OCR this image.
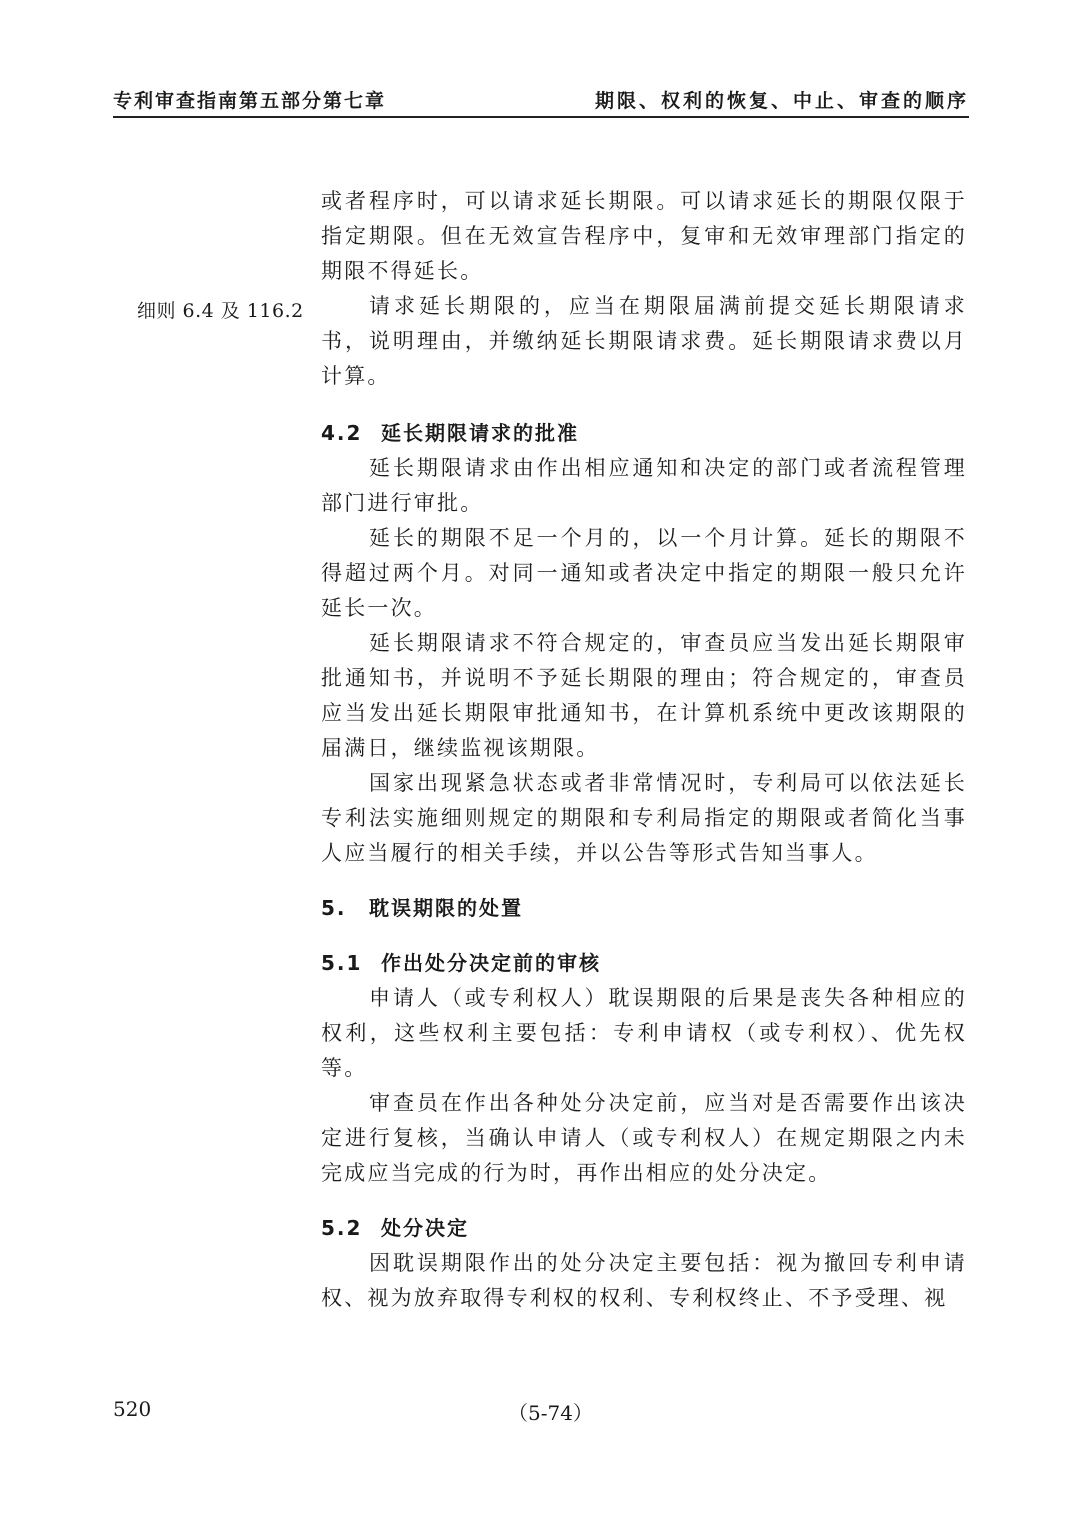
专利审查指南第五部分第七章	期限、权利的恢复、中止、审查的顺序
细则 6.4 及 116.2

或者程序时，可以请求延长期限。可以请求延长的期限仅限于指定期限。但在无效宣告程序中，复审和无效审理部门指定的期限不得延长。

请求延长期限的，应当在期限届满前提交延长期限请求书，说明理由，并缴纳延长期限请求费。延长期限请求费以月计算。

4.2 延长期限请求的批准

延长期限请求由作出相应通知和决定的部门或者流程管理部门进行审批。

延长的期限不足一个月的，以一个月计算。延长的期限不得超过两个月。对同一通知或者决定中指定的期限一般只允许延长一次。

延长期限请求不符合规定的，审查员应当发出延长期限审批通知书，并说明不予延长期限的理由；符合规定的，审查员应当发出延长期限审批通知书，在计算机系统中更改该期限的届满日，继续监视该期限。

国家出现紧急状态或者非常情况时，专利局可以依法延长专利法实施细则规定的期限和专利局指定的期限或者简化当事人应当履行的相关手续，并以公告等形式告知当事人。

5. 耽误期限的处置

5.1 作出处分决定前的审核

申请人（或专利权人）耽误期限的后果是丧失各种相应的权利，这些权利主要包括：专利申请权（或专利权）、优先权等。

审查员在作出各种处分决定前，应当对是否需要作出该决定进行复核，当确认申请人（或专利权人）在规定期限之内未完成应当完成的行为时，再作出相应的处分决定。

5.2 处分决定

因耽误期限作出的处分决定主要包括：视为撤回专利申请权、视为放弃取得专利权的权利、专利权终止、不予受理、视

520	（5-74）
